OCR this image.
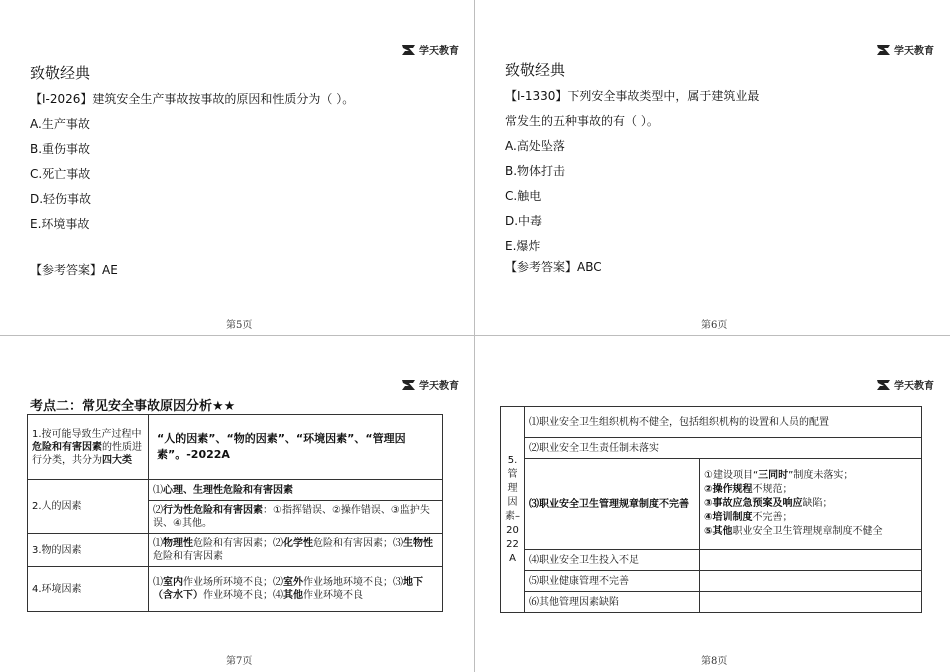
学天教育
致敬经典
【Ⅰ-2026】建筑安全生产事故按事故的原因和性质分为（ ）。
A.生产事故
B.重伤事故
C.死亡事故
D.轻伤事故
E.环境事故
【参考答案】AE
第5页
学天教育
致敬经典
【Ⅰ-1330】下列安全事故类型中，属于建筑业最
常发生的五种事故的有（ ）。
A.高处坠落
B.物体打击
C.触电
D.中毒
E.爆炸
【参考答案】ABC
第6页
学天教育
第7页
考点二：常见安全事故原因分析★★
1.按可能导致生产过程中危险和有害因素的性质进行分类，共分为四大类	“人的因素”、“物的因素”、“环境因素”、“管理因素”。-2022A
2.人的因素	⑴心理、生理性危险和有害因素
	⑵行为性危险和有害因素：①指挥错误、②操作错误、③监护失误、④其他。
3.物的因素	⑴物理性危险和有害因素；⑵化学性危险和有害因素；⑶生物性危险和有害因素
4.环境因素	⑴室内作业场所环境不良；⑵室外作业场地环境不良；⑶地下（含水下）作业环境不良；⑷其他作业环境不良
学天教育
第8页
5.管理因素–2022A	⑴职业安全卫生组织机构不健全，包括组织机构的设置和人员的配置	
	⑵职业安全卫生责任制未落实	
	⑶职业安全卫生管理规章制度不完善	①建设项目“三同时”制度未落实；
②操作规程不规范；
③事故应急预案及响应缺陷；
④培训制度不完善；
⑤其他职业安全卫生管理规章制度不健全
	⑷职业安全卫生投入不足	
	⑸职业健康管理不完善	
	⑹其他管理因素缺陷	
